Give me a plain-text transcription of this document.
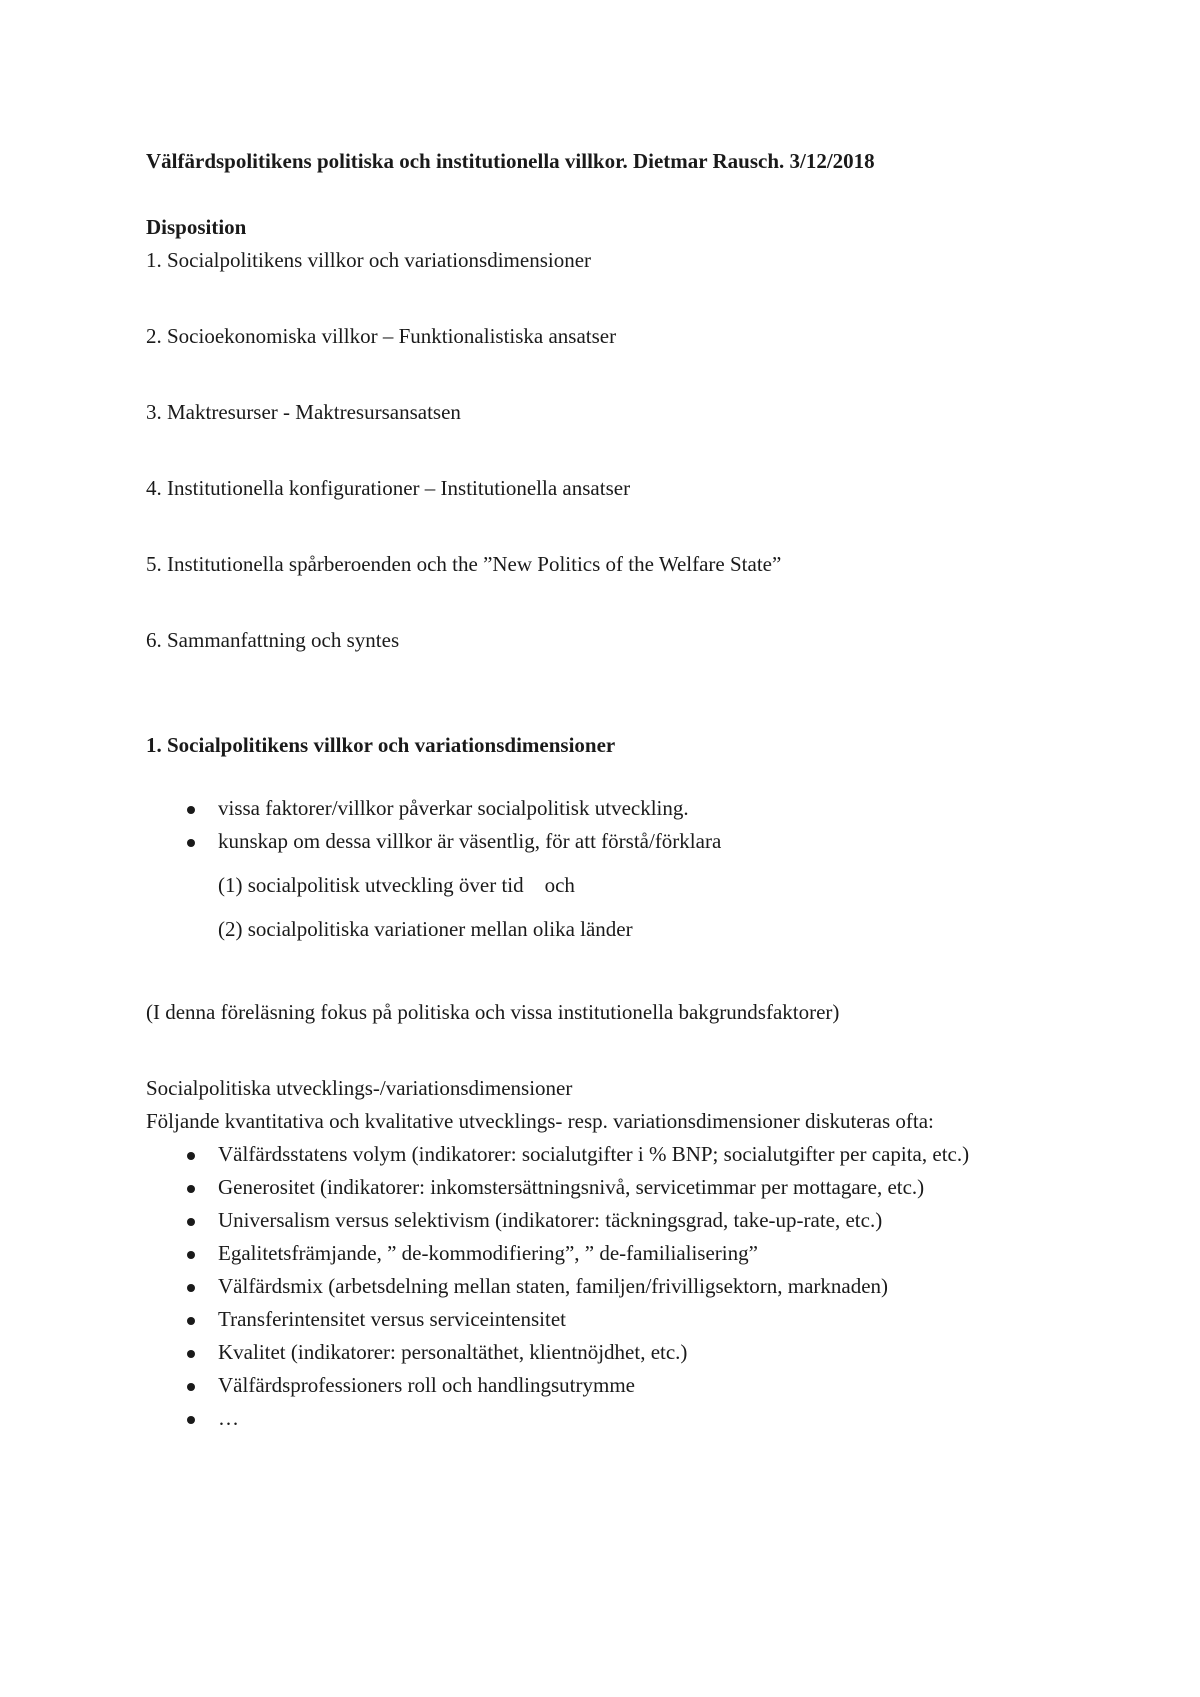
Välfärdspolitikens politiska och institutionella villkor. Dietmar Rausch. 3/12/2018

Disposition
1. Socialpolitikens villkor och variationsdimensioner
2. Socioekonomiska villkor – Funktionalistiska ansatser
3. Maktresurser - Maktresursansatsen
4. Institutionella konfigurationer – Institutionella ansatser
5. Institutionella spårberoenden och the ”New Politics of the Welfare State”
6. Sammanfattning och syntes
1. Socialpolitikens villkor och variationsdimensioner
vissa faktorer/villkor påverkar socialpolitisk utveckling.
kunskap om dessa villkor är väsentlig, för att förstå/förklara
(1) socialpolitisk utveckling över tid    och
(2) socialpolitiska variationer mellan olika länder
(I denna föreläsning fokus på politiska och vissa institutionella bakgrundsfaktorer)
Socialpolitiska utvecklings-/variationsdimensioner
Följande kvantitativa och kvalitative utvecklings- resp. variationsdimensioner diskuteras ofta:
Välfärdsstatens volym (indikatorer: socialutgifter i % BNP; socialutgifter per capita, etc.)
Generositet (indikatorer: inkomstersättningsnivå, servicetimmar per mottagare, etc.)
Universalism versus selektivism (indikatorer: täckningsgrad, take-up-rate, etc.)
Egalitetsfrämjande, ” de-kommodifiering”, ” de-familialisering”
Välfärdsmix (arbetsdelning mellan staten, familjen/frivilligsektorn, marknaden)
Transferintensitet versus serviceintensitet
Kvalitet (indikatorer: personaltäthet, klientnöjdhet, etc.)
Välfärdsprofessioners roll och handlingsutrymme
…
